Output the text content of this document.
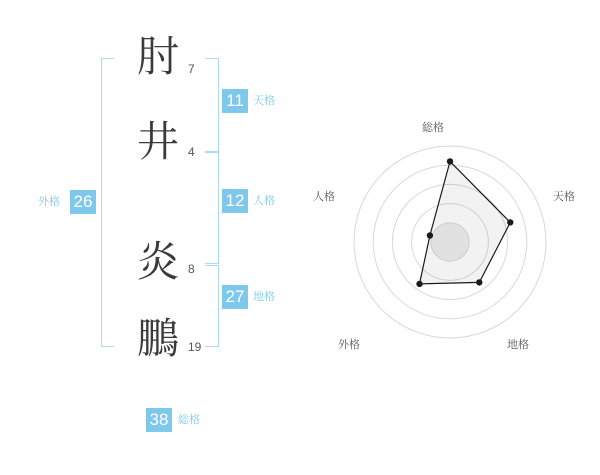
肘 7
井 4
炎 8
鵬 19
11 天格
12 人格
27 地格
外格 26
38 総格
総格
天格
地格
外格
人格
